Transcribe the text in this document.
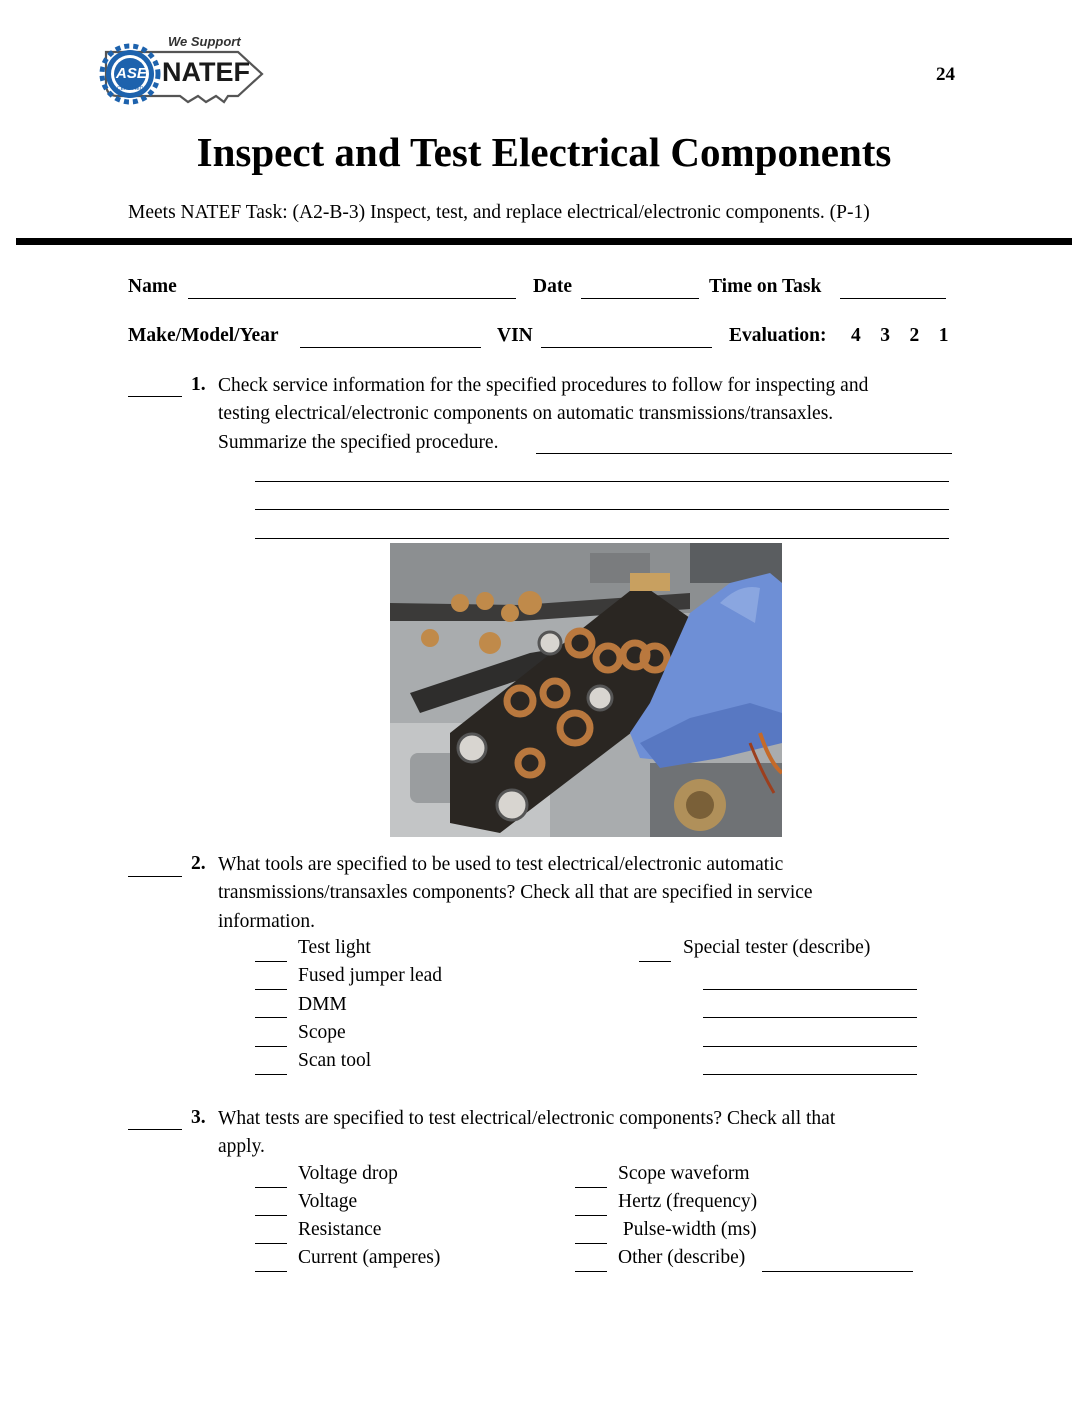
We Support
NATEF
ASE
CERTIFIED
24
Inspect and Test Electrical Components
Meets NATEF Task: (A2-B-3) Inspect, test, and replace electrical/electronic components. (P-1)
Name	Date	Time on Task
Make/Model/Year	VIN	Evaluation: 4    3    2    1
1. Check service information for the specified procedures to follow for inspecting and
testing electrical/electronic components on automatic transmissions/transaxles.
Summarize the specified procedure.
2. What tools are specified to be used to test electrical/electronic automatic
transmissions/transaxles components? Check all that are specified in service
information.
Test light
Fused jumper lead
DMM
Scope
Scan tool
Special tester (describe)
3. What tests are specified to test electrical/electronic components? Check all that
apply.
Voltage drop
Voltage
Resistance
Current (amperes)
Scope waveform
Hertz (frequency)
Pulse-width (ms)
Other (describe)
